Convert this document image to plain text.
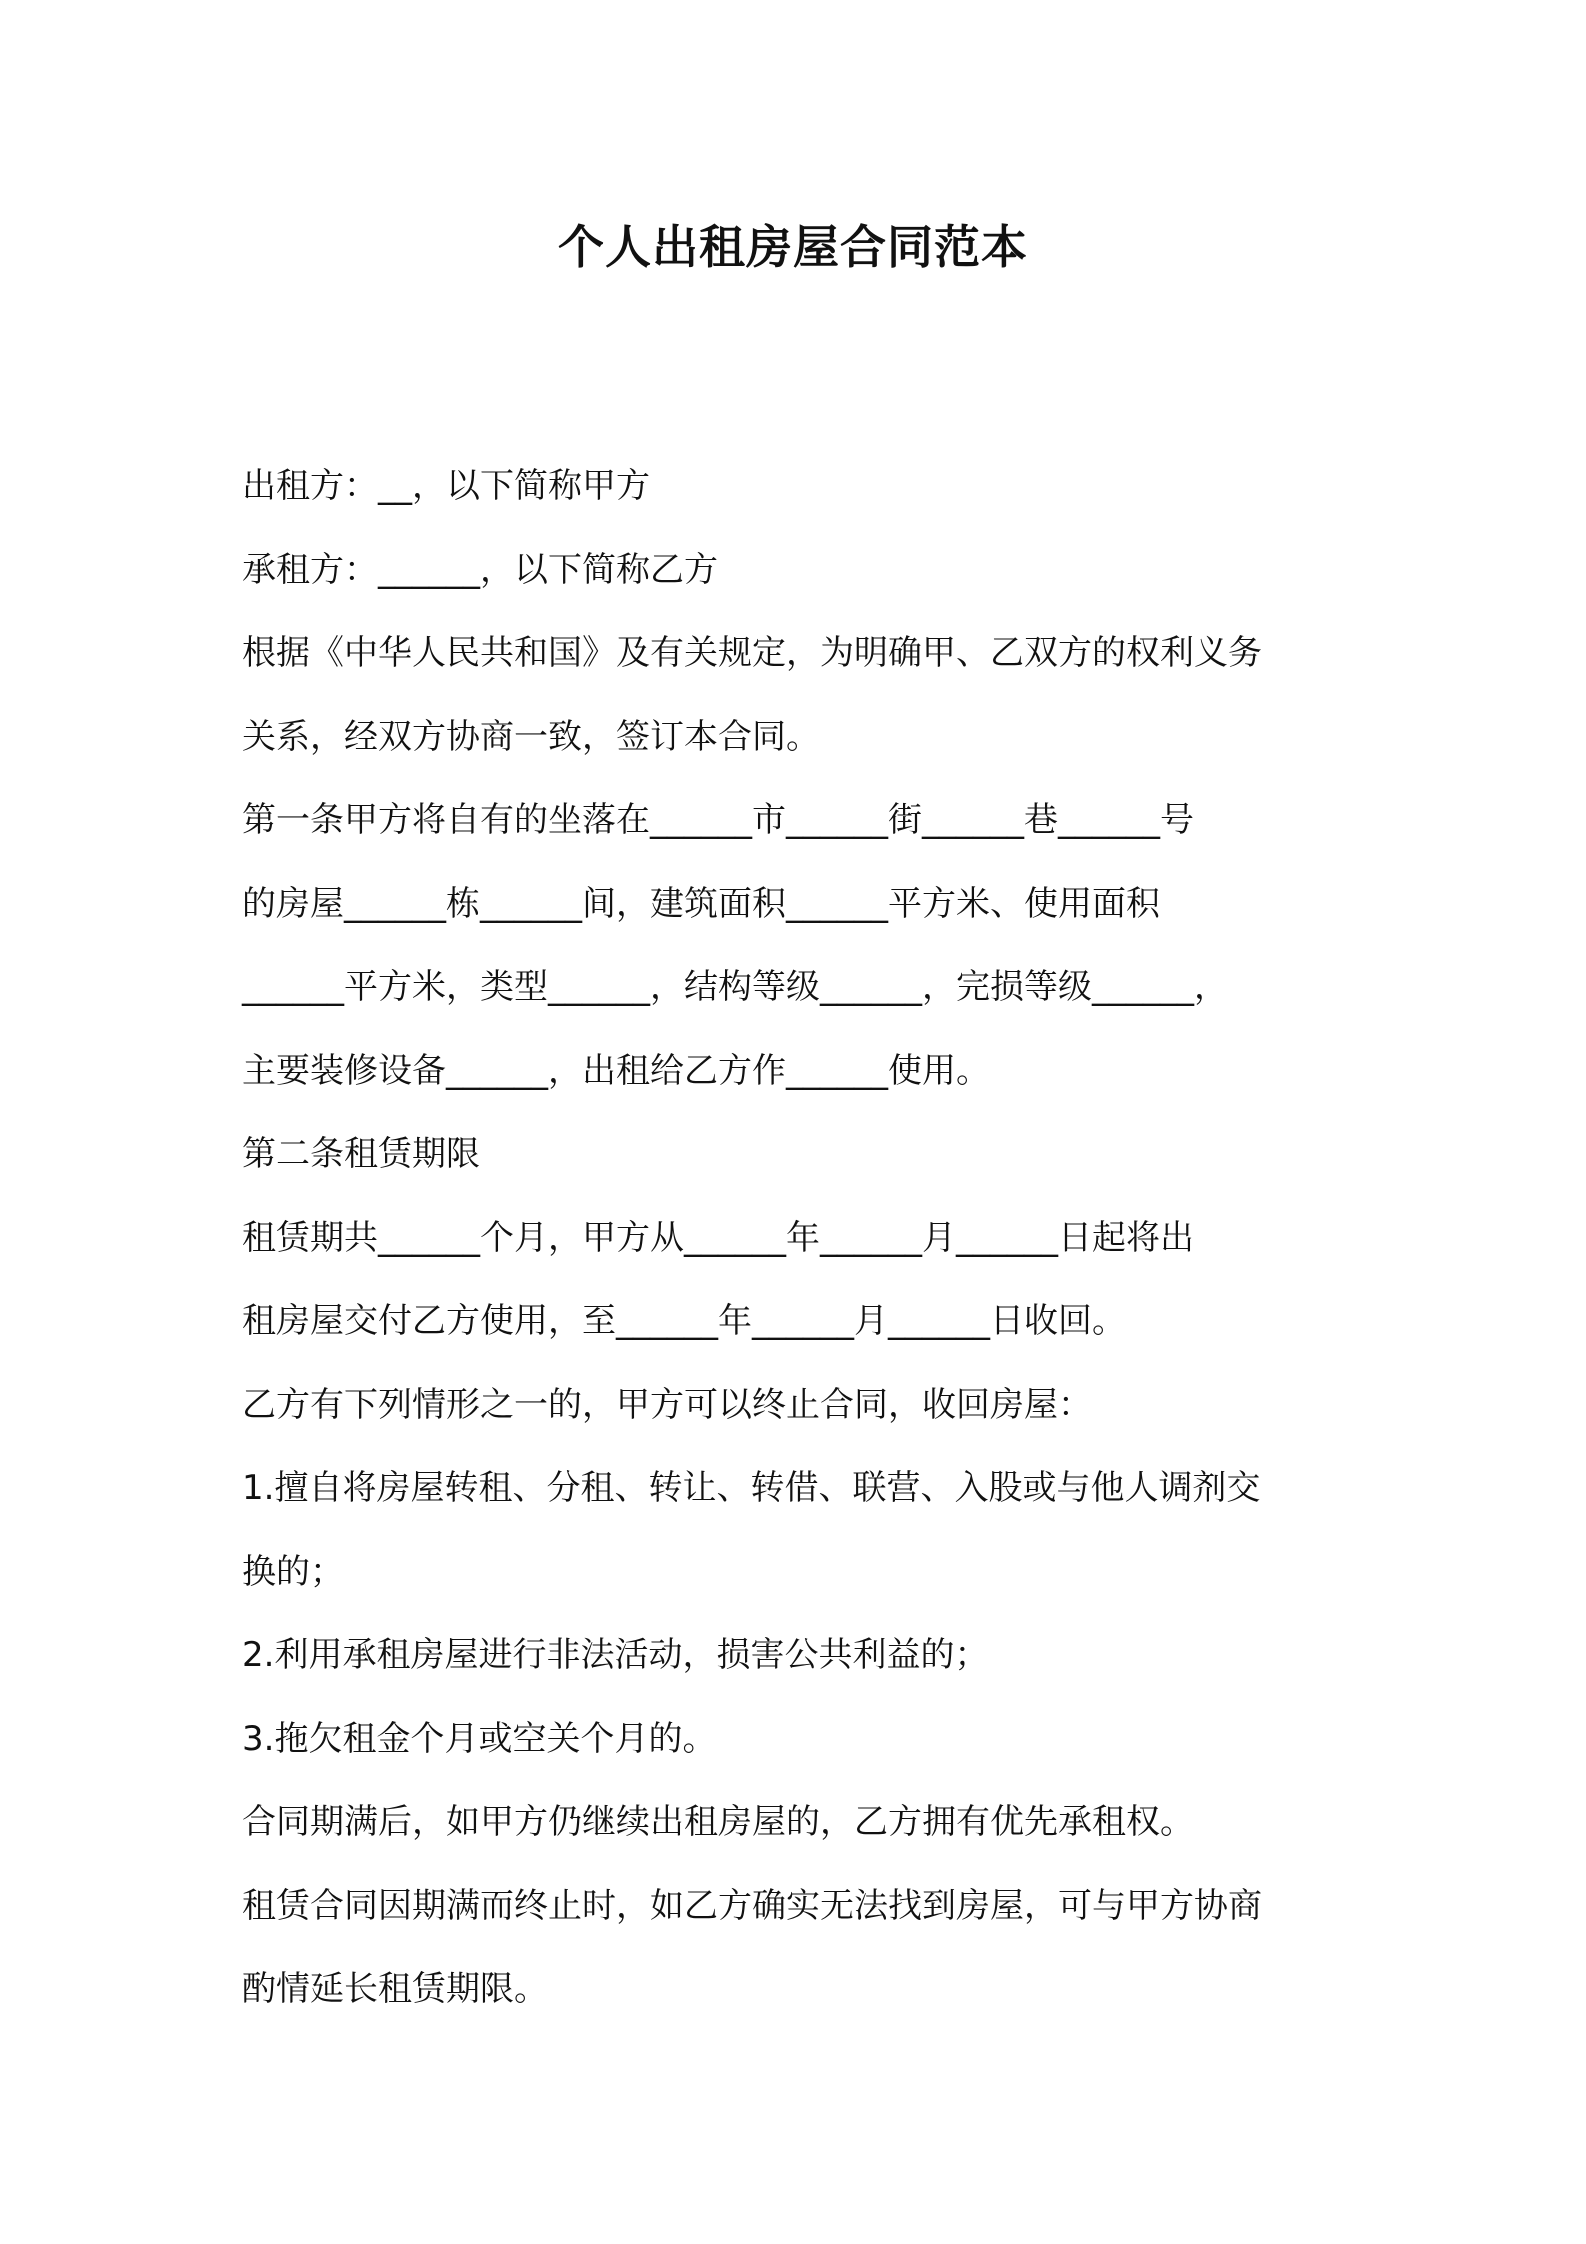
个人出租房屋合同范本

出租方：__，以下简称甲方

承租方：______，以下简称乙方

根据《中华人民共和国》及有关规定，为明确甲、乙双方的权利义务

关系，经双方协商一致，签订本合同。

第一条甲方将自有的坐落在______市______街______巷______号

的房屋______栋______间，建筑面积______平方米、使用面积

______平方米，类型______，结构等级______，完损等级______，

主要装修设备______，出租给乙方作______使用。

第二条租赁期限

租赁期共______个月，甲方从______年______月______日起将出

租房屋交付乙方使用，至______年______月______日收回。

乙方有下列情形之一的，甲方可以终止合同，收回房屋：

1.擅自将房屋转租、分租、转让、转借、联营、入股或与他人调剂交

换的；

2.利用承租房屋进行非法活动，损害公共利益的；

3.拖欠租金个月或空关个月的。

合同期满后，如甲方仍继续出租房屋的，乙方拥有优先承租权。

租赁合同因期满而终止时，如乙方确实无法找到房屋，可与甲方协商

酌情延长租赁期限。
